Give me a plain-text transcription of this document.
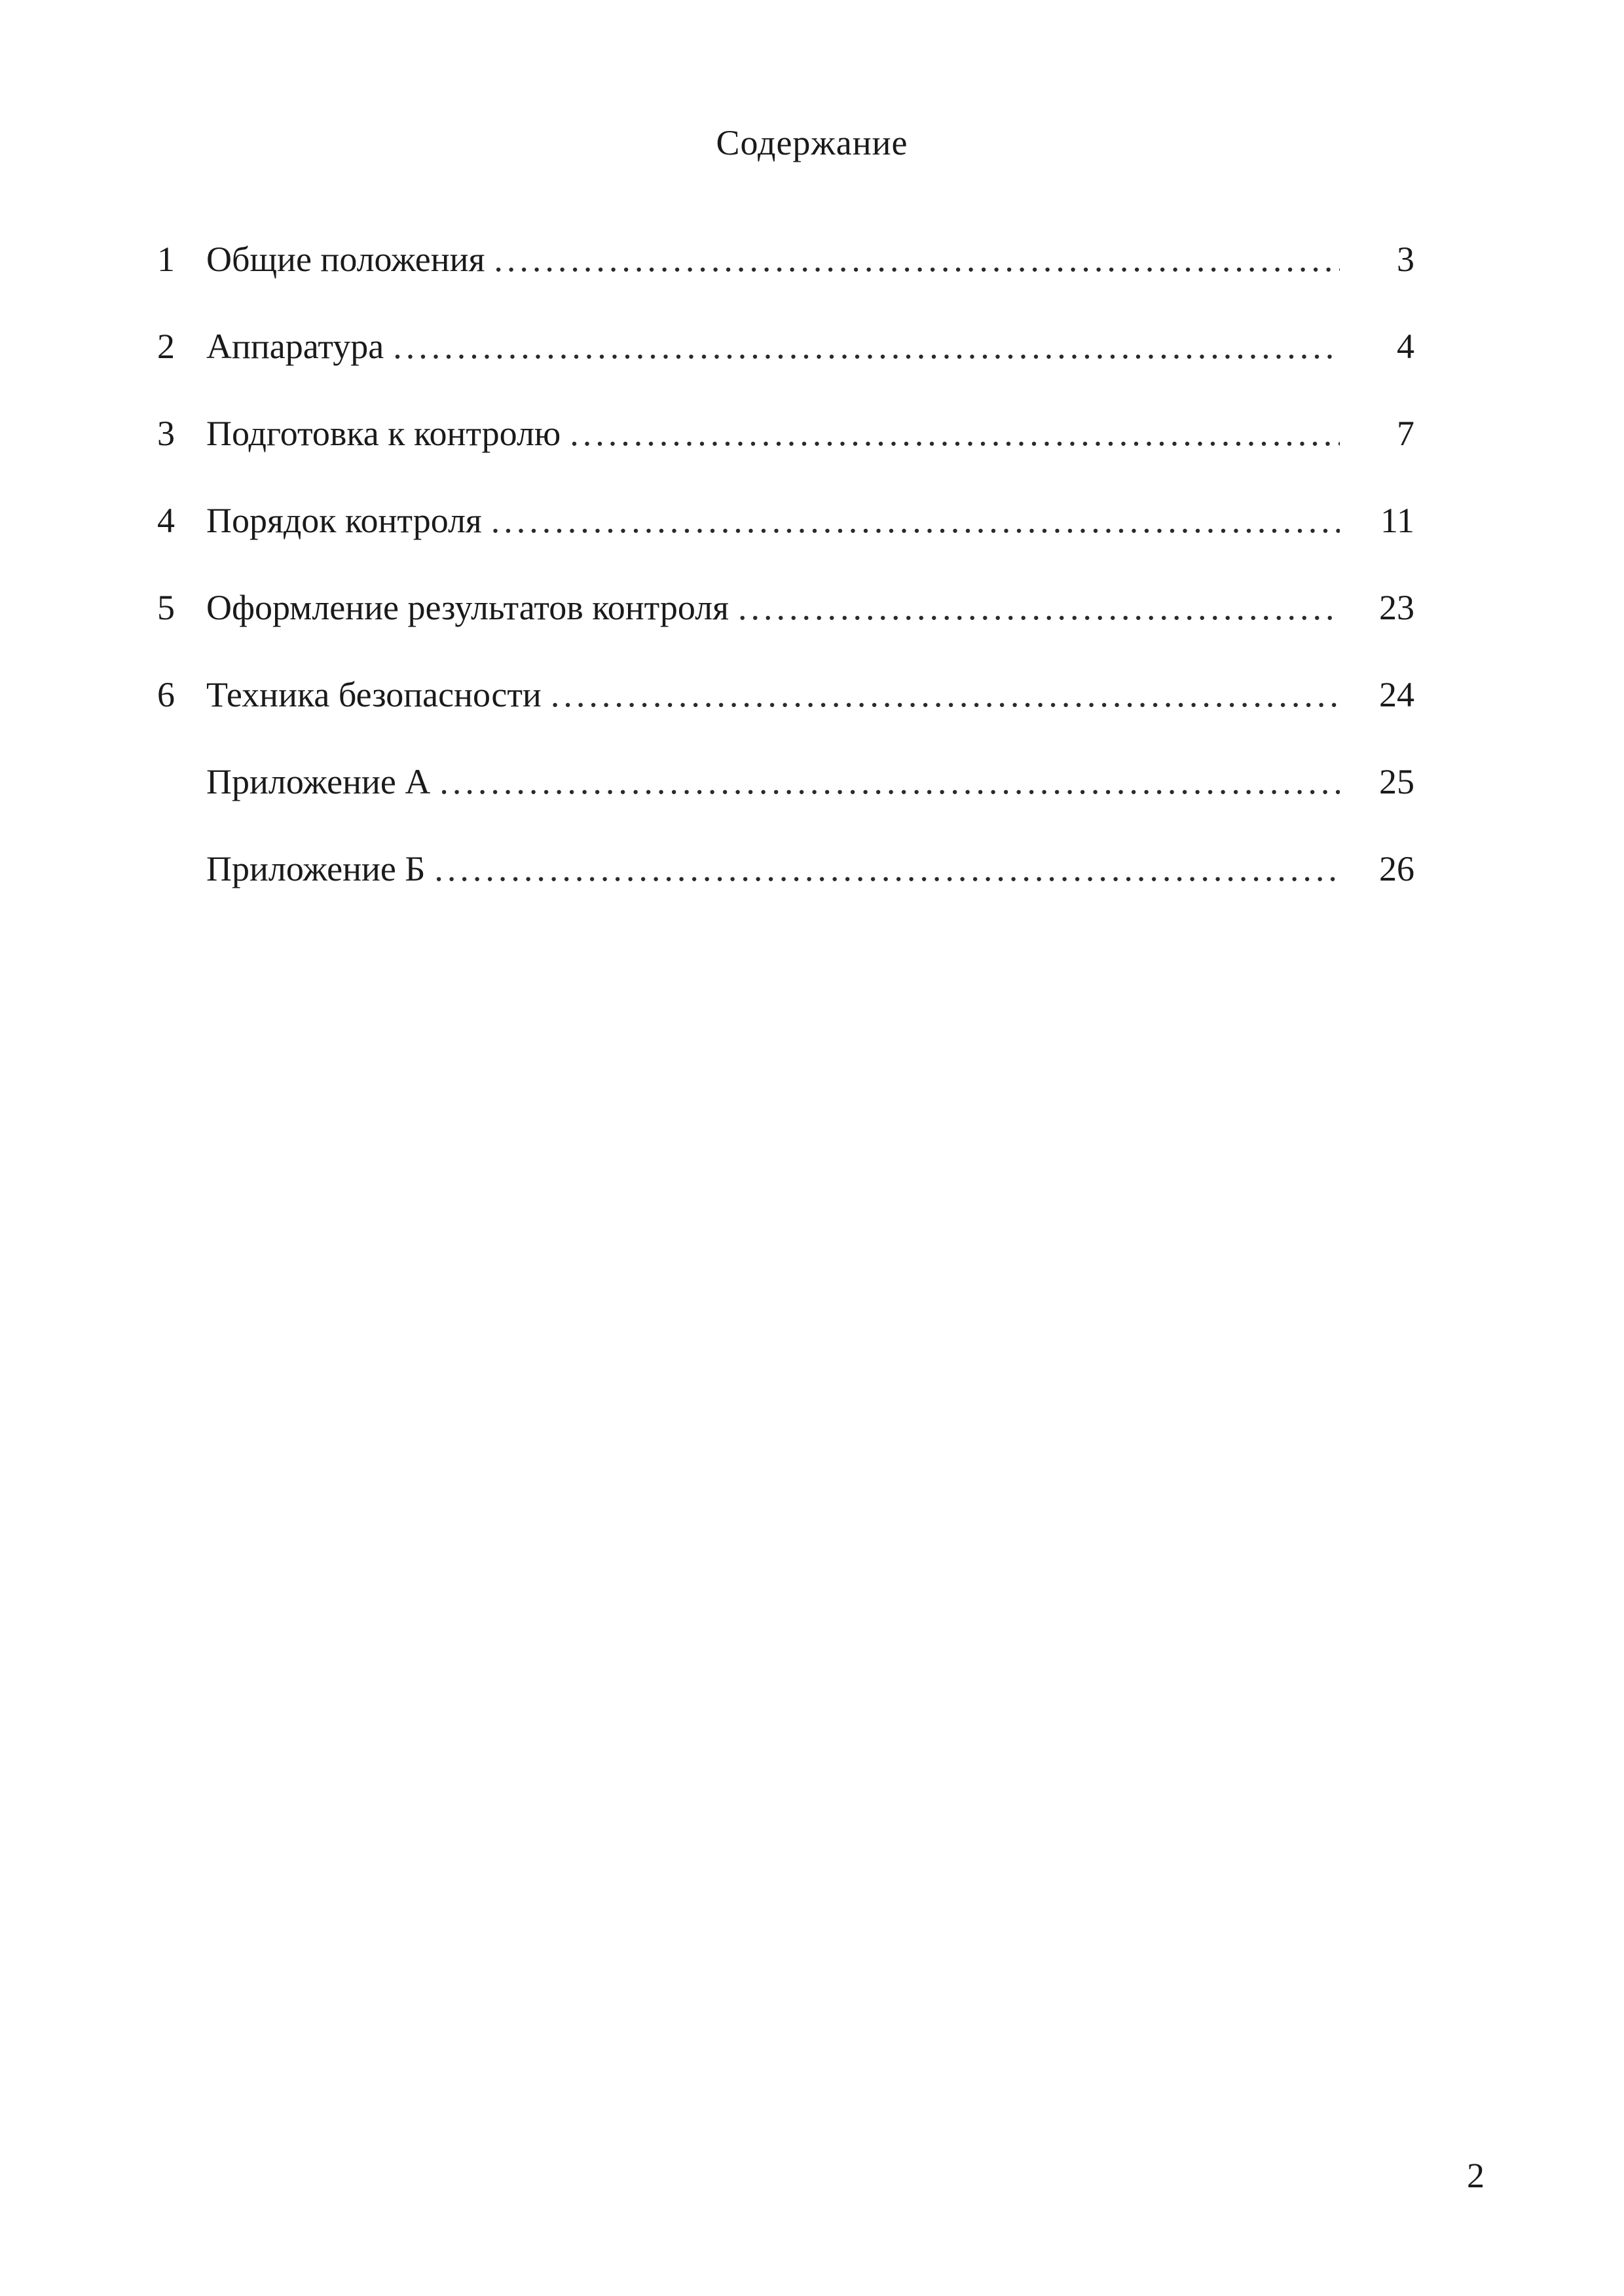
Содержание
1 Общие положения .....	3
2 Аппаратура .....	4
3 Подготовка к контролю .....	7
4 Порядок контроля .....	11
5 Оформление результатов контроля .....	23
6 Техника безопасности .....	24
Приложение А .....	25
Приложение Б .....	26
2
